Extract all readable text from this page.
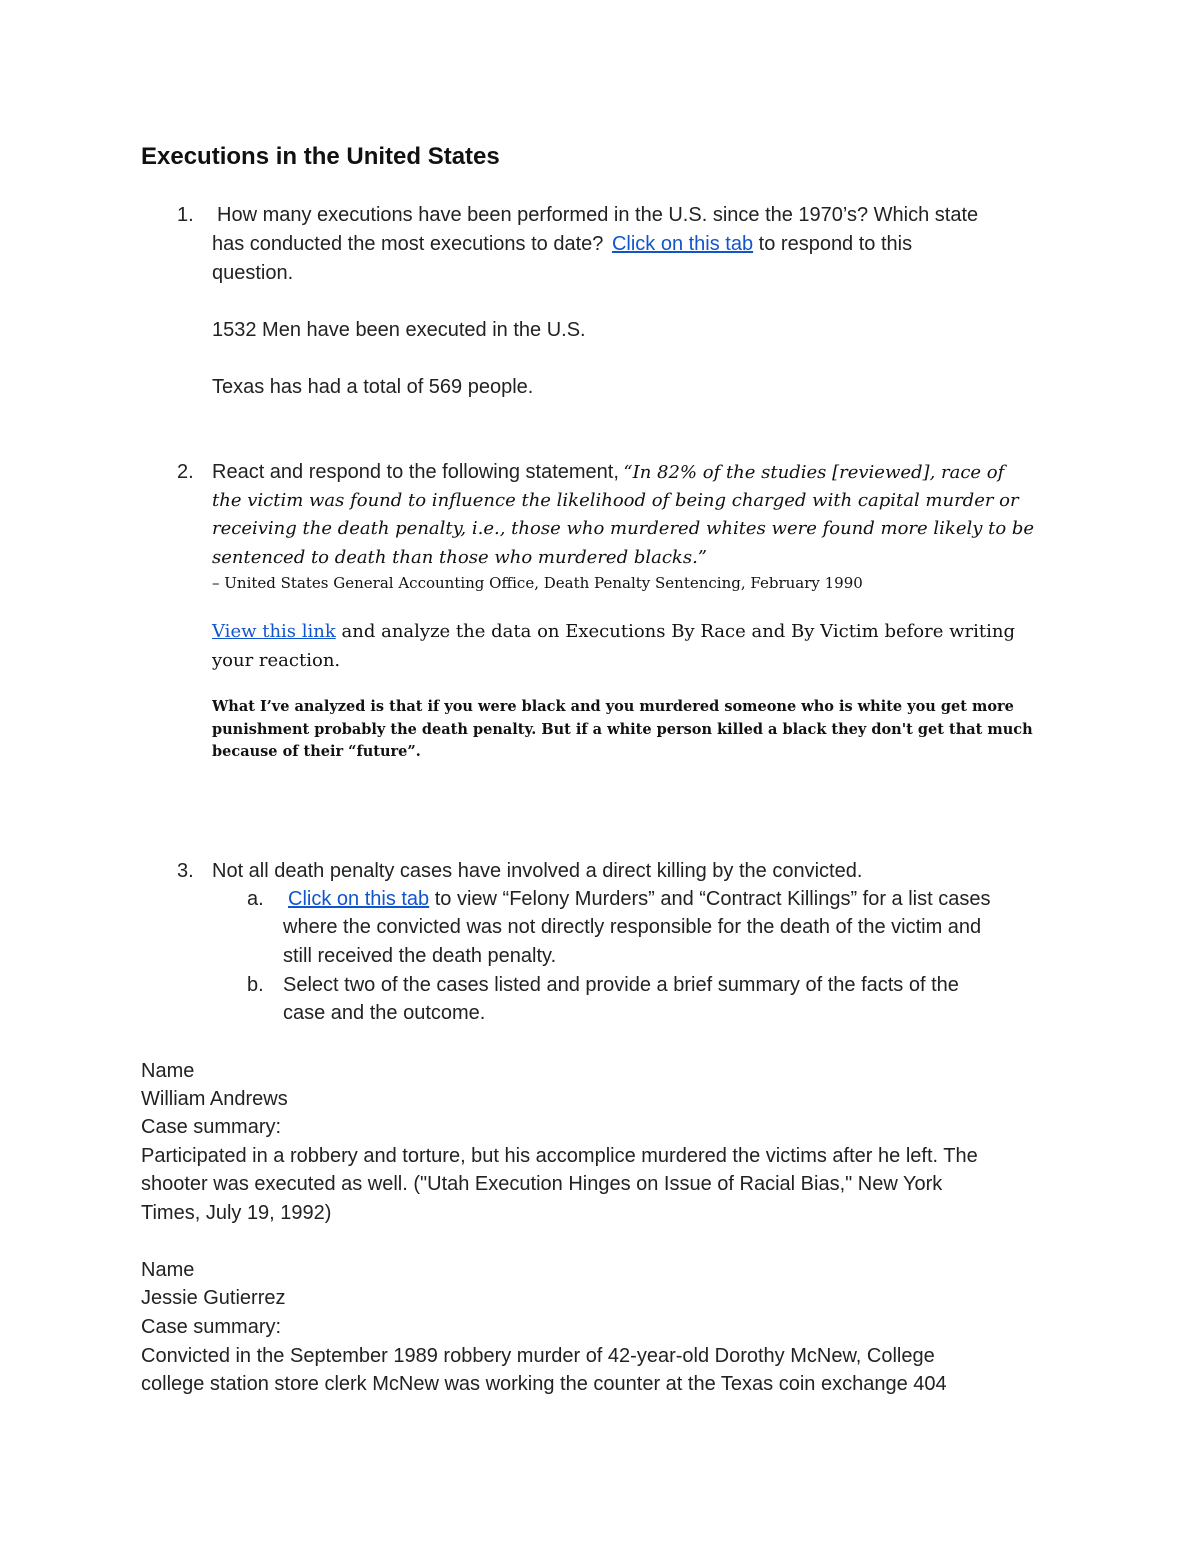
Executions in the United States
1. How many executions have been performed in the U.S. since the 1970’s? Which state
has conducted the most executions to date? Click on this tab to respond to this
question.
1532 Men have been executed in the U.S.
Texas has had a total of 569 people.
2. React and respond to the following statement, “In 82% of the studies [reviewed], race of
the victim was found to influence the likelihood of being charged with capital murder or
receiving the death penalty, i.e., those who murdered whites were found more likely to be
sentenced to death than those who murdered blacks.”
– United States General Accounting Office, Death Penalty Sentencing, February 1990
View this link and analyze the data on Executions By Race and By Victim before writing
your reaction.
What I’ve analyzed is that if you were black and you murdered someone who is white you get more
punishment probably the death penalty. But if a white person killed a black they don't get that much
because of their “future”.
3. Not all death penalty cases have involved a direct killing by the convicted.
a. Click on this tab to view “Felony Murders” and “Contract Killings” for a list cases
where the convicted was not directly responsible for the death of the victim and
still received the death penalty.
b. Select two of the cases listed and provide a brief summary of the facts of the
case and the outcome.
Name
William Andrews
Case summary:
Participated in a robbery and torture, but his accomplice murdered the victims after he left. The
shooter was executed as well. ("Utah Execution Hinges on Issue of Racial Bias," New York
Times, July 19, 1992)
Name
Jessie Gutierrez
Case summary:
Convicted in the September 1989 robbery murder of 42-year-old Dorothy McNew, College
college station store clerk McNew was working the counter at the Texas coin exchange 404
